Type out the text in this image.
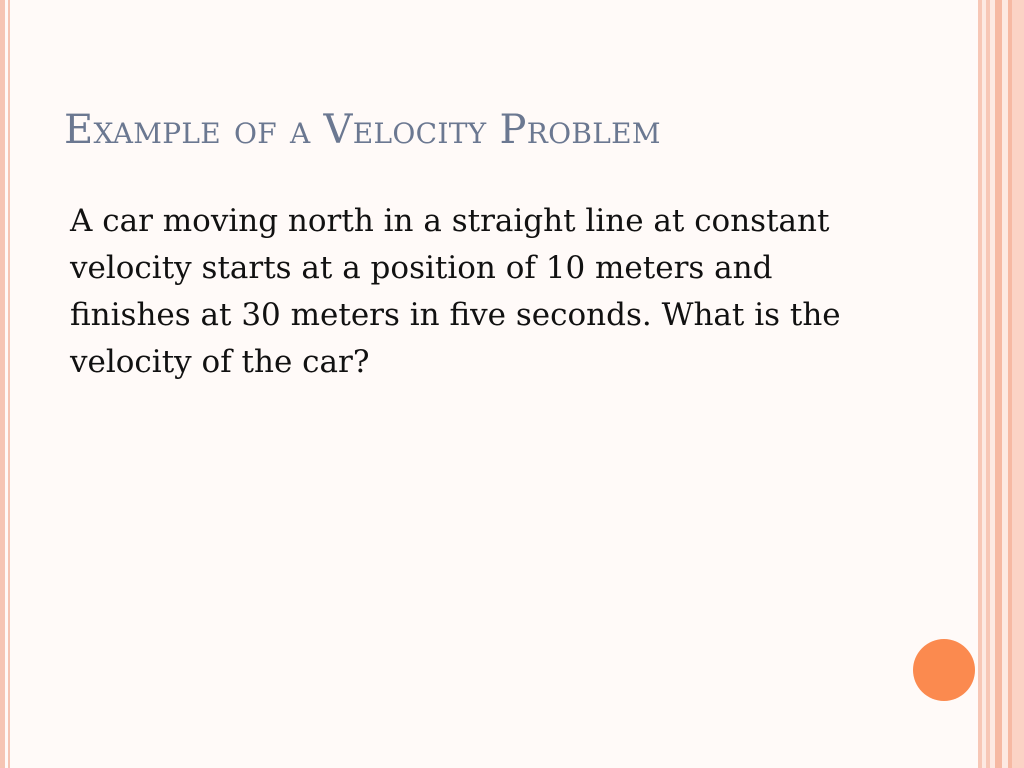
Example of a Velocity Problem

A car moving north in a straight line at constant velocity starts at a position of 10 meters and finishes at 30 meters in five seconds. What is the velocity of the car?
